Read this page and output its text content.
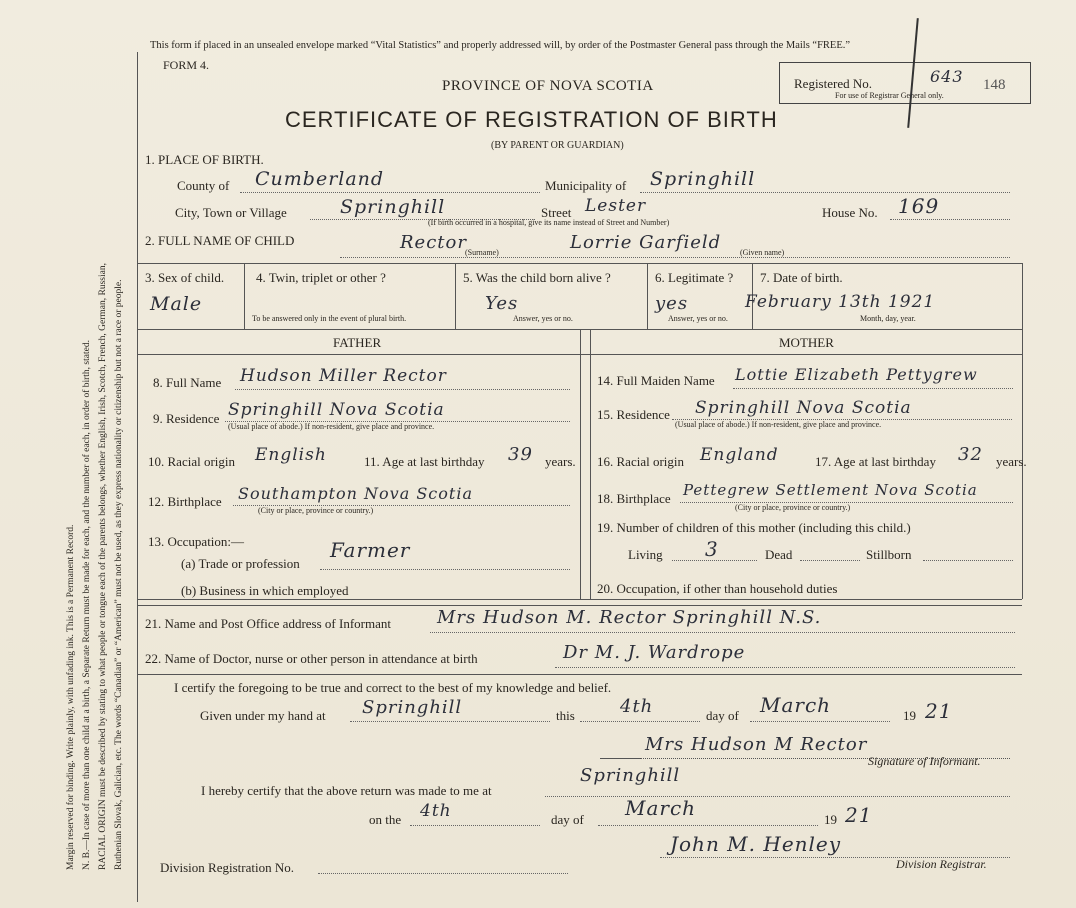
Margin reserved for binding. Write plainly, with unfading ink. This is a Permanent Record. N. B.—In case of more than one child at a birth, a Separate Return must be made for each, and the number of each, in order of birth, stated. RACIAL ORIGIN must be described by stating to what people or tongue each of the parents belongs, whether English, Irish, Scotch, French, German, Russian, Ruthenian Slovak, Galician, etc. The words “Canadian” or “American” must not be used, as they express nationality or citizenship but not a race or people.
This form if placed in an unsealed envelope marked “Vital Statistics” and properly addressed will, by order of the Postmaster General pass through the Mails “FREE.”
FORM 4.
PROVINCE OF NOVA SCOTIA
CERTIFICATE OF REGISTRATION OF BIRTH
(BY PARENT OR GUARDIAN)
Registered No.	643 148
For use of Registrar General only.
1. PLACE OF BIRTH.
County of Cumberland	Municipality of Springhill
City, Town or Village	Springhill	Street Lester
(If birth occurred in a hospital, give its name instead of Street and Number)
House No. 169
2. FULL NAME OF CHILD	Rector
(Surname)	Lorrie Garfield (Given name)
3. Sex of child.
Male
4. Twin, triplet or other ?
To be answered only in the event of plural birth.
5. Was the child born alive ?
Yes
Answer, yes or no.
6. Legitimate ?
yes
Answer, yes or no.
7. Date of birth.
February 13th 1921
Month, day, year.
FATHER	MOTHER
8. Full Name Hudson Miller Rector
9. Residence Springhill Nova Scotia
(Usual place of abode.) If non-resident, give place and province.
10. Racial origin English	11. Age at last birthday 39 years.
12. Birthplace Southampton Nova Scotia
(City or place, province or country.)
13. Occupation:—
(a) Trade or profession
Farmer
(b) Business in which employed
14. Full Maiden Name Lottie Elizabeth Pettygrew
15. Residence Springhill Nova Scotia
(Usual place of abode.) If non-resident, give place and province.
16. Racial origin England	17. Age at last birthday 32 years.
18. Birthplace Pettegrew Settlement Nova Scotia
(City or place, province or country.)
19. Number of children of this mother (including this child.)
Living 3	Dead	Stillborn
20. Occupation, if other than household duties
21. Name and Post Office address of Informant	Mrs Hudson M. Rector Springhill N.S.
22. Name of Doctor, nurse or other person in attendance at birth	Dr M. J. Wardrope
I certify the foregoing to be true and correct to the best of my knowledge and belief.
Given under my hand at Springhill	this	4th	day of March	19 21
Mrs Hudson M Rector
Signature of Informant.
I hereby certify that the above return was made to me at
Springhill
on the 4th	day of March	19 21
Division Registration No.
John M. Henley
Division Registrar.
